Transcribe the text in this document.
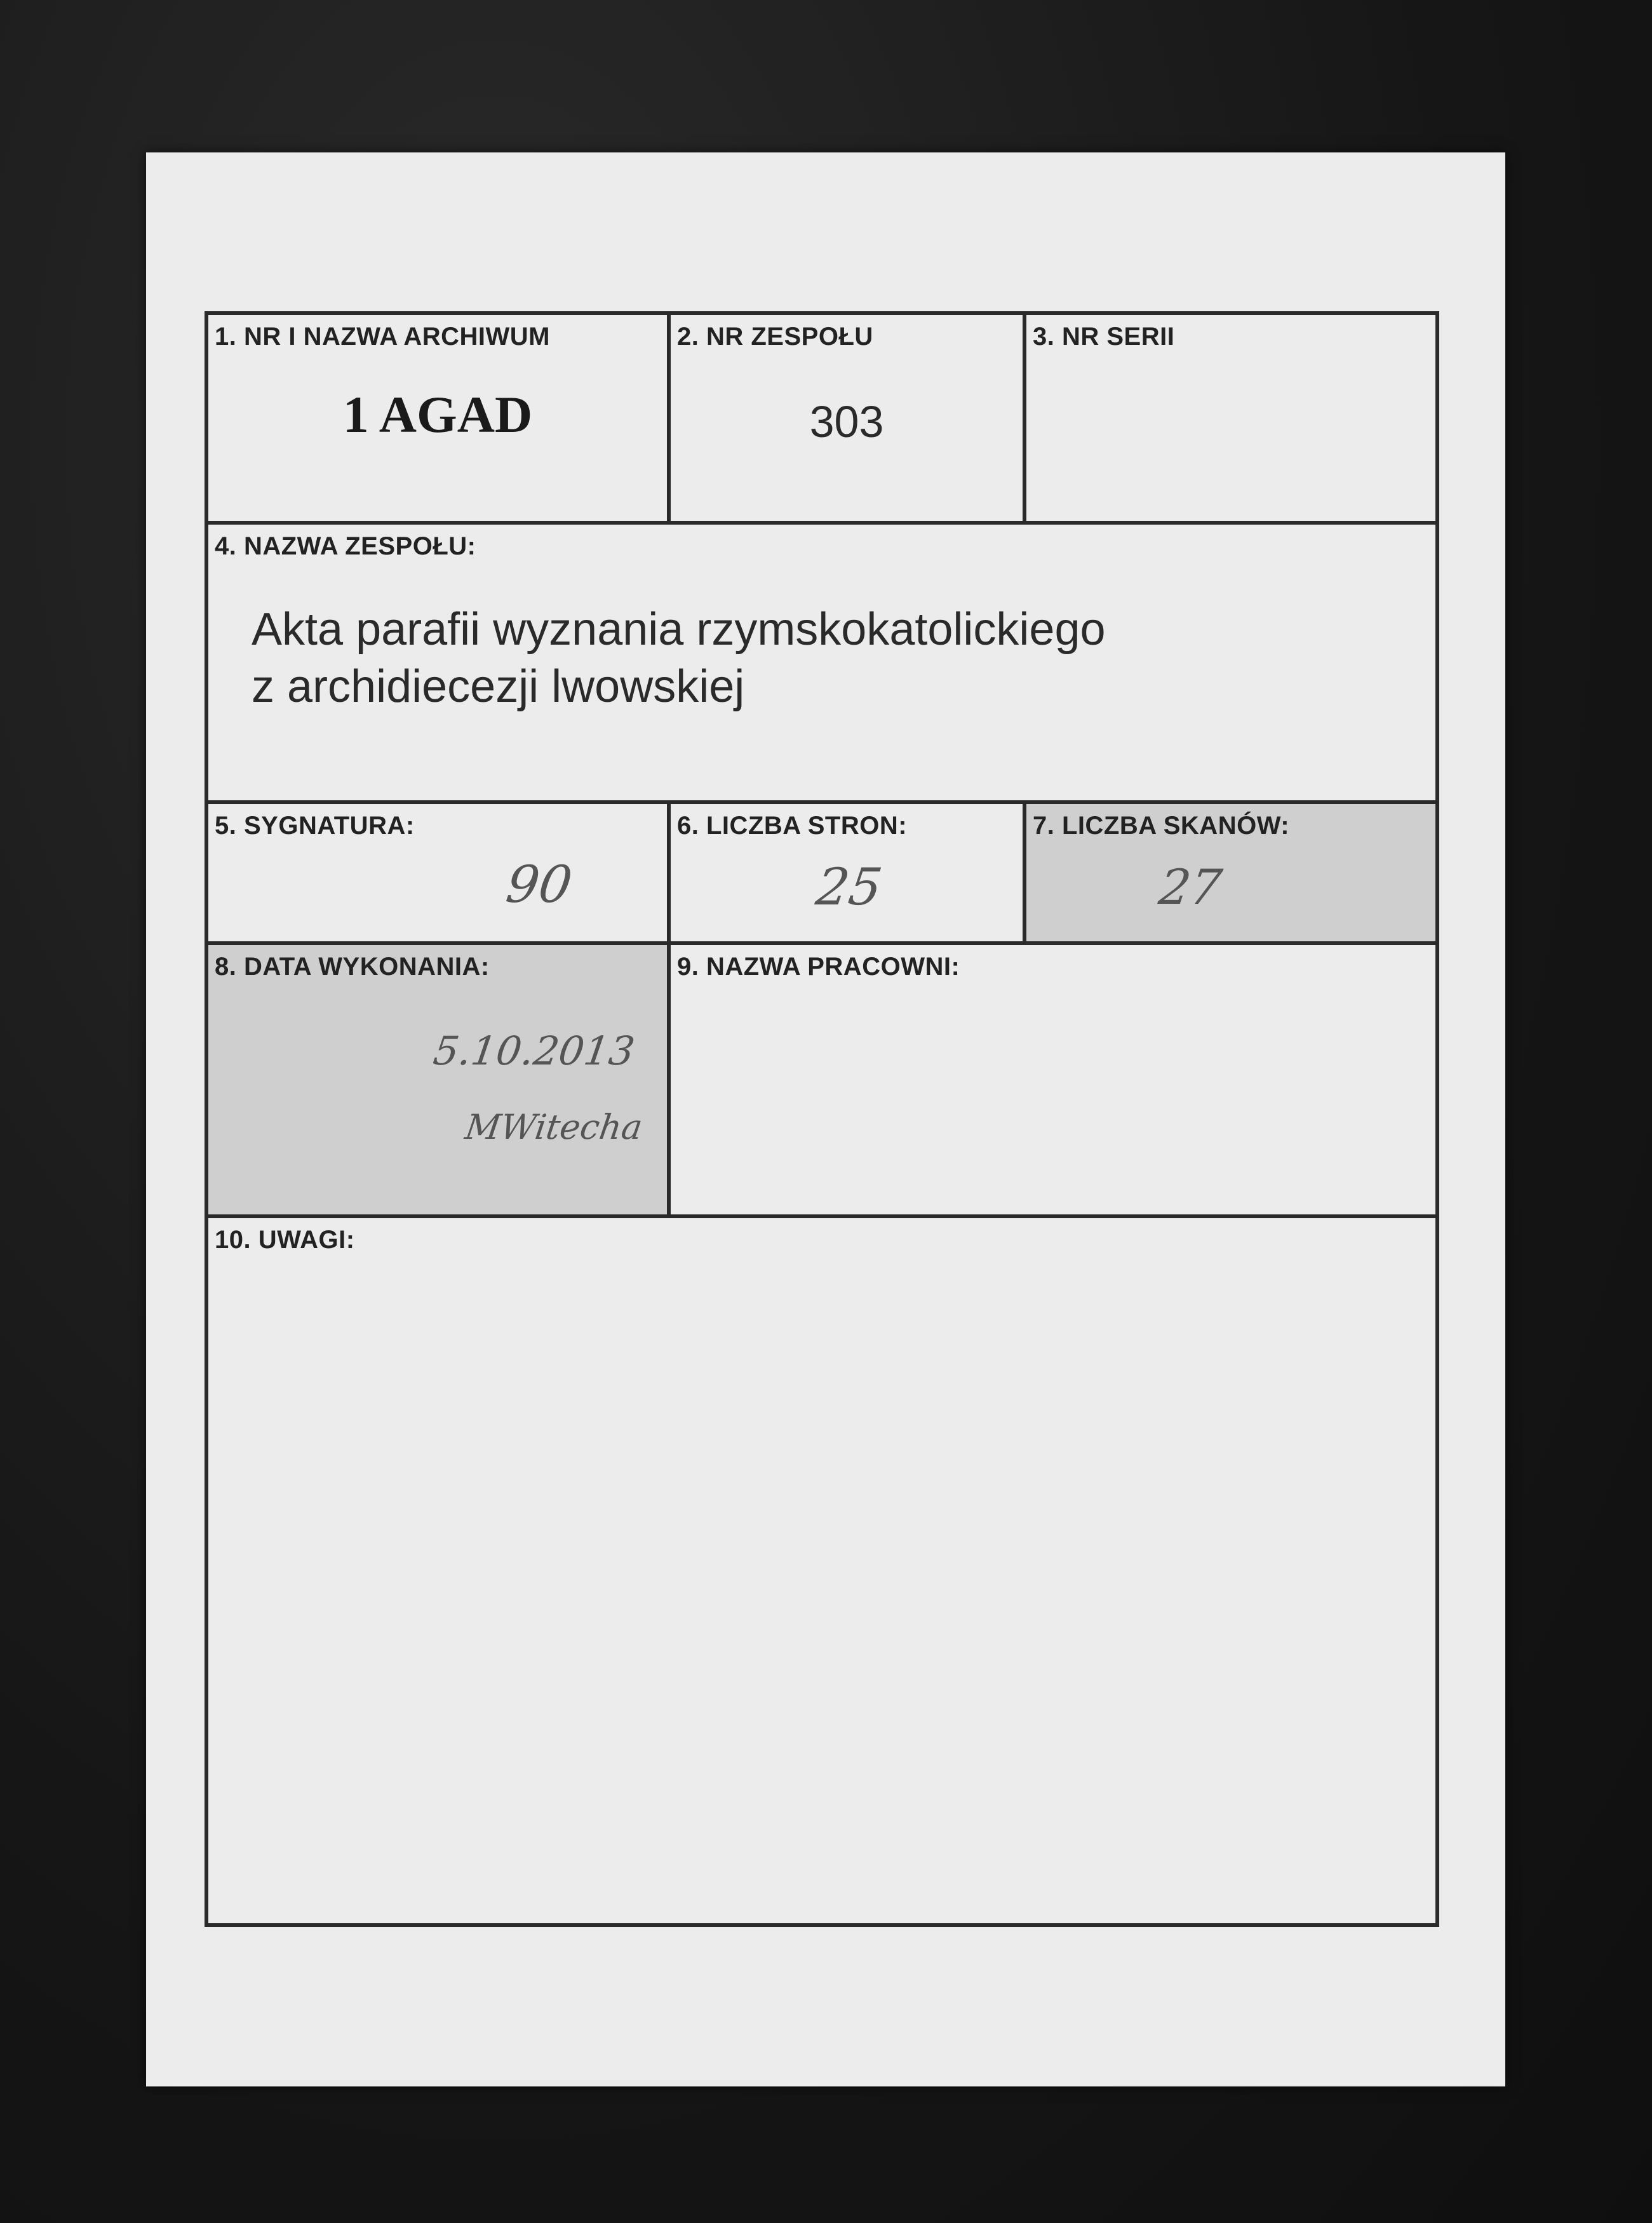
1. NR I NAZWA ARCHIWUM
1 AGAD
2. NR ZESPOŁU
303
3. NR SERII
4. NAZWA ZESPOŁU:
Akta parafii wyznania rzymskokatolickiego
z archidiecezji lwowskiej
5. SYGNATURA:
90
6. LICZBA STRON:
25
7. LICZBA SKANÓW:
27
8. DATA WYKONANIA:
5.10.2013
MWitecha
9. NAZWA PRACOWNI:
10. UWAGI:
